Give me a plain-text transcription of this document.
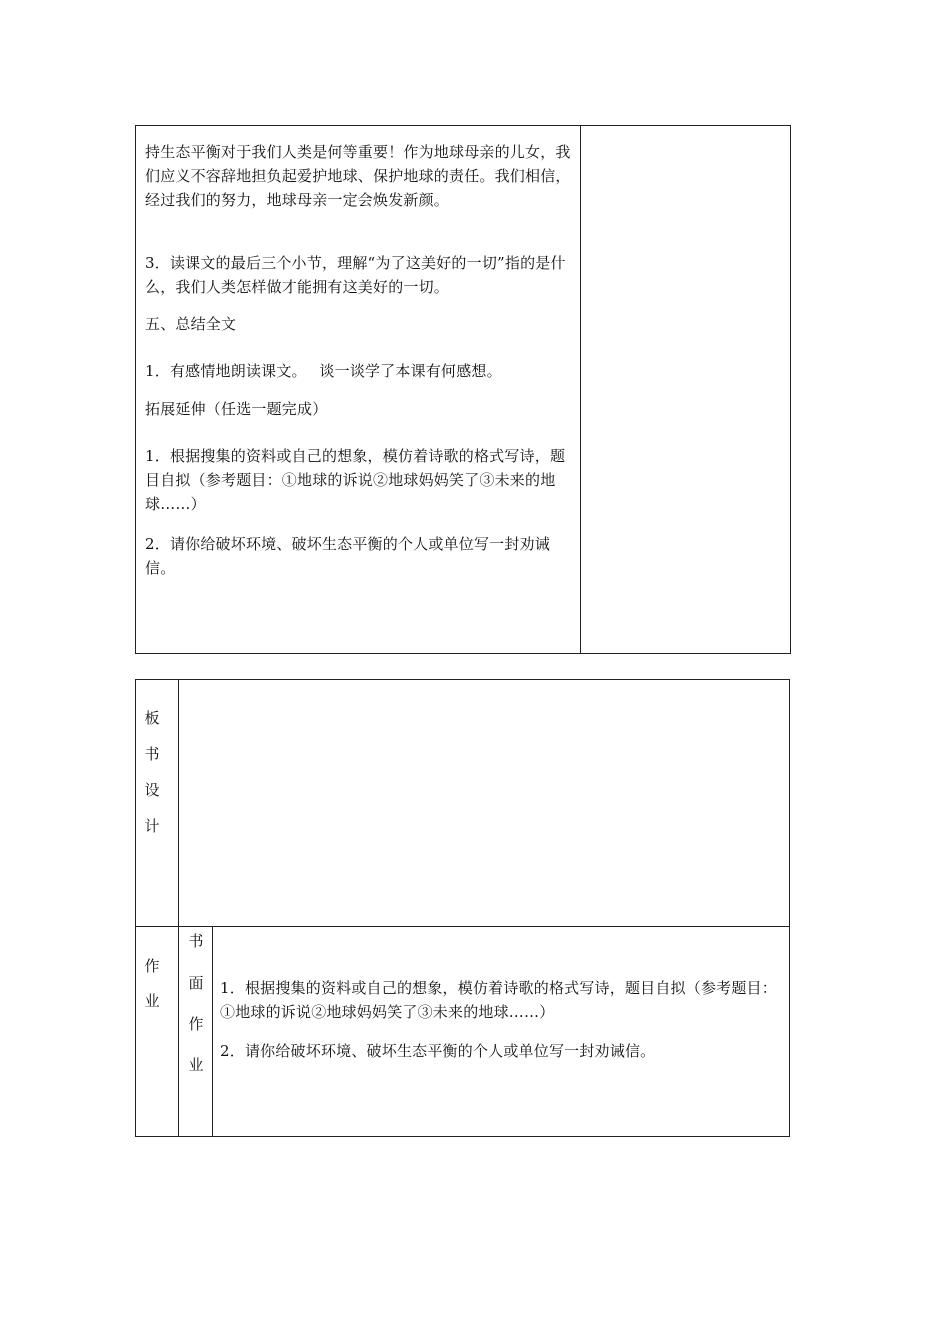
持生态平衡对于我们人类是何等重要！作为地球母亲的儿女，我们应义不容辞地担负起爱护地球、保护地球的责任。我们相信，经过我们的努力，地球母亲一定会焕发新颜。
3．读课文的最后三个小节，理解“为了这美好的一切”指的是什么，我们人类怎样做才能拥有这美好的一切。
五、总结全文
1．有感情地朗读课文。　 谈一谈学了本课有何感想。
拓展延伸（任选一题完成）
1．根据搜集的资料或自己的想象，模仿着诗歌的格式写诗，题目自拟（参考题目：①地球的诉说②地球妈妈笑了③未来的地球……）
2．请你给破坏环境、破坏生态平衡的个人或单位写一封劝诫信。
板
书
设
计
作
业
书
面
作
业
1．根据搜集的资料或自己的想象，模仿着诗歌的格式写诗，题目自拟（参考题目：①地球的诉说②地球妈妈笑了③未来的地球……）
2．请你给破坏环境、破坏生态平衡的个人或单位写一封劝诫信。
